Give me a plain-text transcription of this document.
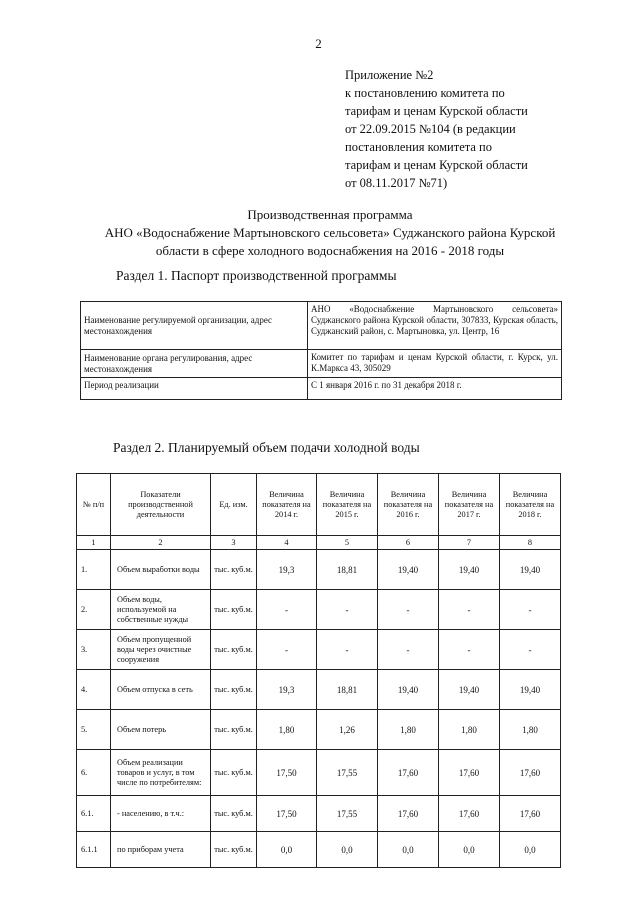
2
Приложение №2
к постановлению комитета по
тарифам и ценам Курской области
от 22.09.2015 №104 (в редакции
постановления комитета по
тарифам и ценам Курской области
от 08.11.2017 №71)
Производственная программа
АНО «Водоснабжение Мартыновского сельсовета» Суджанского района Курской
области в сфере холодного водоснабжения на 2016 - 2018 годы
Раздел 1. Паспорт производственной программы
Наименование регулируемой организации, адрес местонахождения	АНО «Водоснабжение Мартыновского сельсовета» Суджанского района Курской области, 307833, Курская область, Суджанский район, с. Мартыновка, ул. Центр, 16
Наименование органа регулирования, адрес местонахождения	Комитет по тарифам и ценам Курской области, г. Курск, ул. К.Маркса 43, 305029
Период реализации	С 1 января 2016 г. по 31 декабря 2018 г.
Раздел 2. Планируемый объем подачи холодной воды
№ п/п	Показатели производственной деятельности	Ед. изм.	Величина показателя на 2014 г.	Величина показателя на 2015 г.	Величина показателя на 2016 г.	Величина показателя на 2017 г.	Величина показателя на 2018 г.
1	2	3	4	5	6	7	8
1.	Объем выработки воды	тыс. куб.м.	19,3	18,81	19,40	19,40	19,40
2.	Объем воды, используемой на собственные нужды	тыс. куб.м.	-	-	-	-	-
3.	Объем пропущенной воды через очистные сооружения	тыс. куб.м.	-	-	-	-	-
4.	Объем отпуска в сеть	тыс. куб.м.	19,3	18,81	19,40	19,40	19,40
5.	Объем потерь	тыс. куб.м.	1,80	1,26	1,80	1,80	1,80
6.	Объем реализации товаров и услуг, в том числе по потребителям:	тыс. куб.м.	17,50	17,55	17,60	17,60	17,60
6.1.	- населению, в т.ч.:	тыс. куб.м.	17,50	17,55	17,60	17,60	17,60
6.1.1	по приборам учета	тыс. куб.м.	0,0	0,0	0,0	0,0	0,0
